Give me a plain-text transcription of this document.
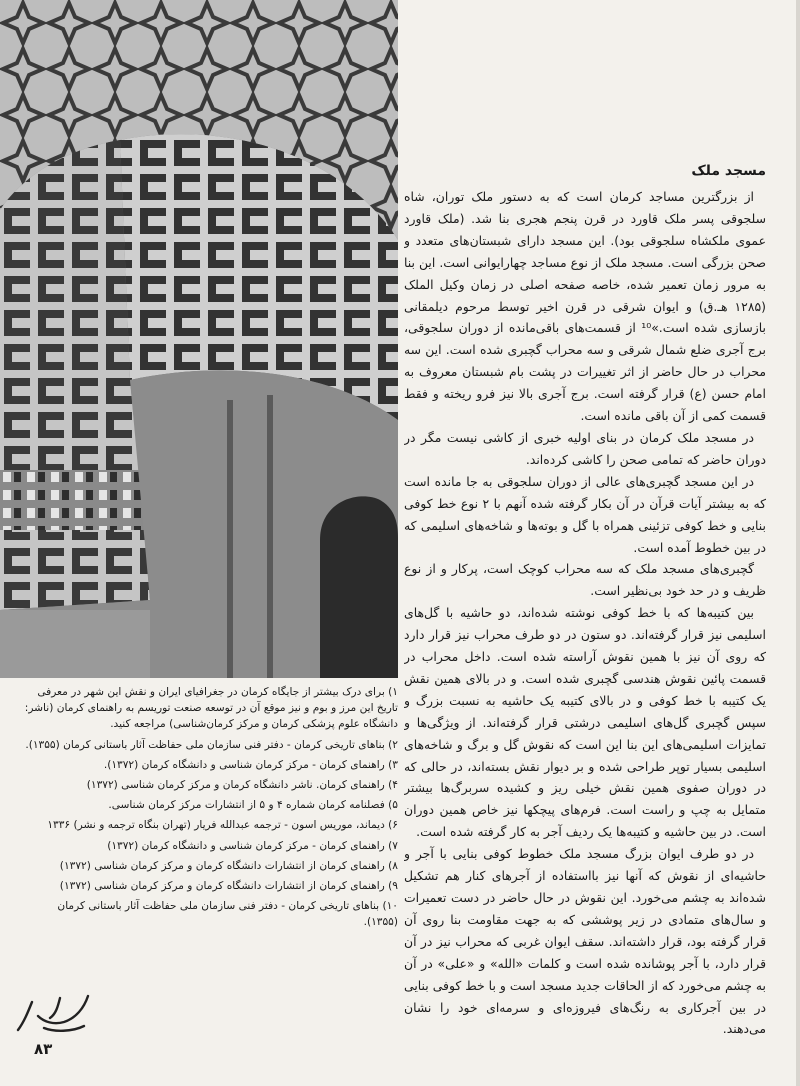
مسجد ملک

از بزرگترین مساجد کرمان است که به دستور ملک توران، شاه سلجوقی پسر ملک قاورد در قرن پنجم هجری بنا شد. (ملک قاورد عموی ملکشاه سلجوقی بود). این مسجد دارای شبستان‌های متعدد و صحن بزرگی است. مسجد ملک از نوع مساجد چهارایوانی است. این بنا به مرور زمان تعمیر شده، خاصه صفحه اصلی در زمان وکیل الملک (۱۲۸۵ هـ.ق) و ایوان شرقی در قرن اخیر توسط مرحوم دیلمقانی بازسازی شده است.»¹⁰ از قسمت‌های باقی‌مانده از دوران سلجوقی، برج آجری ضلع شمال شرقی و سه محراب گچبری شده است. این سه محراب در حال حاضر از اثر تغییرات در پشت بام شبستان معروف به امام حسن (ع) قرار گرفته است. برج آجری بالا نیز فرو ریخته و فقط قسمت کمی از آن باقی مانده است.

در مسجد ملک کرمان در بنای اولیه خبری از کاشی نیست مگر در دوران حاضر که تمامی صحن را کاشی کرده‌اند.

در این مسجد گچبری‌های عالی از دوران سلجوقی به جا مانده است که به بیشتر آیات قرآن در آن بکار گرفته شده آنهم با ۲ نوع خط کوفی بنایی و خط کوفی تزئینی همراه با گل و بوته‌ها و شاخه‌های اسلیمی که در بین خطوط آمده است.

گچبری‌های مسجد ملک که سه محراب کوچک است، پرکار و از نوع ظریف و در حد خود بی‌نظیر است.

بین کتیبه‌ها که با خط کوفی نوشته شده‌اند، دو حاشیه با گل‌های اسلیمی نیز قرار گرفته‌اند. دو ستون در دو طرف محراب نیز قرار دارد که روی آن نیز با همین نقوش آراسته شده است. داخل محراب در قسمت پائین نقوش هندسی گچبری شده است. و در بالای همین نقش یک کتیبه با خط کوفی و در بالای کتیبه یک حاشیه به نسبت بزرگ و سپس گچبری گل‌های اسلیمی درشتی قرار گرفته‌اند. از ویژگی‌ها و تمایزات اسلیمی‌های این بنا این است که نقوش گل و برگ و شاخه‌های اسلیمی بسیار توپر طراحی شده و بر دیوار نقش بسته‌اند، در حالی که در دوران صفوی همین نقش خیلی ریز و کشیده سربرگ‌ها بیشتر متمایل به چپ و راست است. فرم‌های پیچکها نیز خاص همین دوران است. در بین حاشیه و کتیبه‌ها یک ردیف آجر به کار گرفته شده است.

در دو طرف ایوان بزرگ مسجد ملک خطوط کوفی بنایی با آجر و حاشیه‌ای از نقوش که آنها نیز بااستفاده از آجرهای کنار هم تشکیل شده‌اند به چشم می‌خورد. این نقوش در حال حاضر در دست تعمیرات و سال‌های متمادی در زیر پوششی که به جهت مقاومت بنا روی آن قرار گرفته بود، قرار داشته‌اند. سقف ایوان غربی که محراب نیز در آن قرار دارد، با آجر پوشانده شده است و کلمات «الله» و «علی» در آن به چشم می‌خورد که از الحاقات جدید مسجد است و با خط کوفی بنایی در بین آجرکاری به رنگ‌های فیروزه‌ای و سرمه‌ای خود را نشان می‌دهند.

۱) برای درک بیشتر از جایگاه کرمان در جغرافیای ایران و نقش این شهر در معرفی تاریخ این مرز و بوم و نیز موقع آن در توسعه صنعت توریسم به راهنمای کرمان (ناشر: دانشگاه علوم پزشکی کرمان و مرکز کرمان‌شناسی) مراجعه کنید.

۲) بناهای تاریخی کرمان - دفتر فنی سازمان ملی حفاظت آثار باستانی کرمان (۱۳۵۵).

۳) راهنمای کرمان - مرکز کرمان شناسی و دانشگاه کرمان (۱۳۷۲).

۴) راهنمای کرمان. ناشر دانشگاه کرمان و مرکز کرمان شناسی (۱۳۷۲)

۵) فصلنامه کرمان شماره ۴ و ۵ از انتشارات مرکز کرمان شناسی.

۶) دیماند، موریس اسون - ترجمه عبدالله فریار (تهران بنگاه ترجمه و نشر) ۱۳۳۶

۷) راهنمای کرمان - مرکز کرمان شناسی و دانشگاه کرمان (۱۳۷۲)

۸) راهنمای کرمان از انتشارات دانشگاه کرمان و مرکز کرمان شناسی (۱۳۷۲)

۹) راهنمای کرمان از انتشارات دانشگاه کرمان و مرکز کرمان شناسی (۱۳۷۲)

۱۰) بناهای تاریخی کرمان - دفتر فنی سازمان ملی حفاظت آثار باستانی کرمان (۱۳۵۵).

۸۳
